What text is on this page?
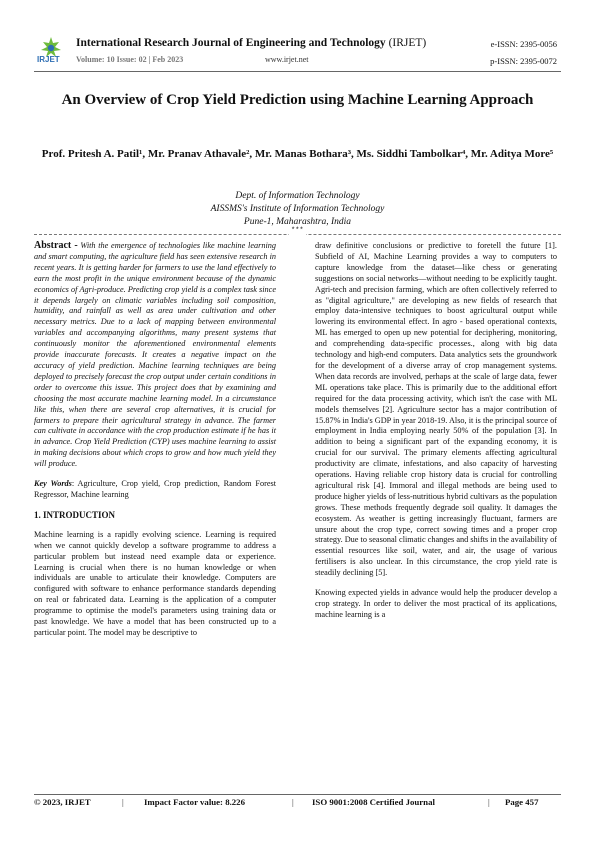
IRJET
International Research Journal of Engineering and Technology (IRJET)
Volume: 10 Issue: 02 | Feb 2023	www.irjet.net
e-ISSN: 2395-0056
p-ISSN: 2395-0072
An Overview of Crop Yield Prediction using Machine Learning Approach
Prof. Pritesh A. Patil¹, Mr. Pranav Athavale², Mr. Manas Bothara³, Ms. Siddhi Tambolkar⁴, Mr. Aditya More⁵
Dept. of Information Technology
AISSMS's Institute of Information Technology
Pune-1, Maharashtra, India
***

Abstract - With the emergence of technologies like machine learning and smart computing, the agriculture field has seen extensive research in recent years. It is getting harder for farmers to use the land effectively to earn the most profit in the unique environment because of the dynamic economics of Agri-produce. Predicting crop yield is a complex task since it depends largely on climatic variables including soil composition, humidity, and rainfall as well as area under cultivation and other necessary metrics. Due to a lack of mapping between environmental variables and accompanying algorithms, many present systems that continuously monitor the aforementioned environmental elements provide inaccurate forecasts. It creates a negative impact on the accuracy of yield prediction. Machine learning techniques are being deployed to precisely forecast the crop output under certain conditions in order to overcome this issue. This project does that by examining and choosing the most accurate machine learning model. In a circumstance like this, when there are several crop alternatives, it is crucial for farmers to prepare their agricultural strategy in advance. The farmer can cultivate in accordance with the crop production estimate if he has it in advance. Crop Yield Prediction (CYP) uses machine learning to assist in making decisions about which crops to grow and how much yield they will produce.

Key Words: Agriculture, Crop yield, Crop prediction, Random Forest Regressor, Machine learning

1. INTRODUCTION

Machine learning is a rapidly evolving science. Learning is required when we cannot quickly develop a software programme to address a particular problem but instead need example data or experience. Learning is crucial when there is no human knowledge or when individuals are unable to articulate their knowledge. Computers are configured with software to enhance performance standards depending on real or fabricated data. Learning is the application of a computer programme to optimise the model's parameters using training data or past knowledge. We have a model that has been constructed up to a particular point. The model may be descriptive to

draw definitive conclusions or predictive to foretell the future [1]. Subfield of AI, Machine Learning provides a way to computers to capture knowledge from the dataset—like chess or generating suggestions on social networks—without needing to be explicitly taught. Agri-tech and precision farming, which are often collectively referred to as "digital agriculture," are developing as new fields of research that employ data-intensive techniques to boost agricultural output while lowering its environmental effect. In agro - based operational contexts, ML has emerged to open up new potential for deciphering, monitoring, and comprehending data-specific processes., along with big data technology and high-end computers. Data analytics sets the groundwork for the development of a diverse array of crop management systems. When data records are involved, perhaps at the scale of large data, fewer ML operations take place. This is primarily due to the additional effort required for the data processing activity, which isn't the case with ML models themselves [2]. Agriculture sector has a major contribution of 15.87% in India's GDP in year 2018-19. Also, it is the principal source of employment in India employing nearly 50% of the population [3]. In addition to being a significant part of the expanding economy, it is crucial for our survival. The primary elements affecting agricultural productivity are climate, infestations, and also capacity of harvesting operations. Having reliable crop history data is crucial for controlling agricultural risk [4]. Immoral and illegal methods are being used to produce higher yields of less-nutritious hybrid cultivars as the population grows. These methods frequently degrade soil quality. It damages the ecosystem. As weather is getting increasingly fluctuant, farmers are unsure about the crop type, correct sowing times and a proper crop strategy. Due to seasonal climatic changes and shifts in the availability of essential resources like soil, water, and air, the usage of various fertilisers is also unclear. In this circumstance, the crop yield rate is steadily declining [5].

Knowing expected yields in advance would help the producer develop a crop strategy. In order to deliver the most practical of its applications, machine learning is a

© 2023, IRJET	| Impact Factor value: 8.226	| ISO 9001:2008 Certified Journal	| Page 457
